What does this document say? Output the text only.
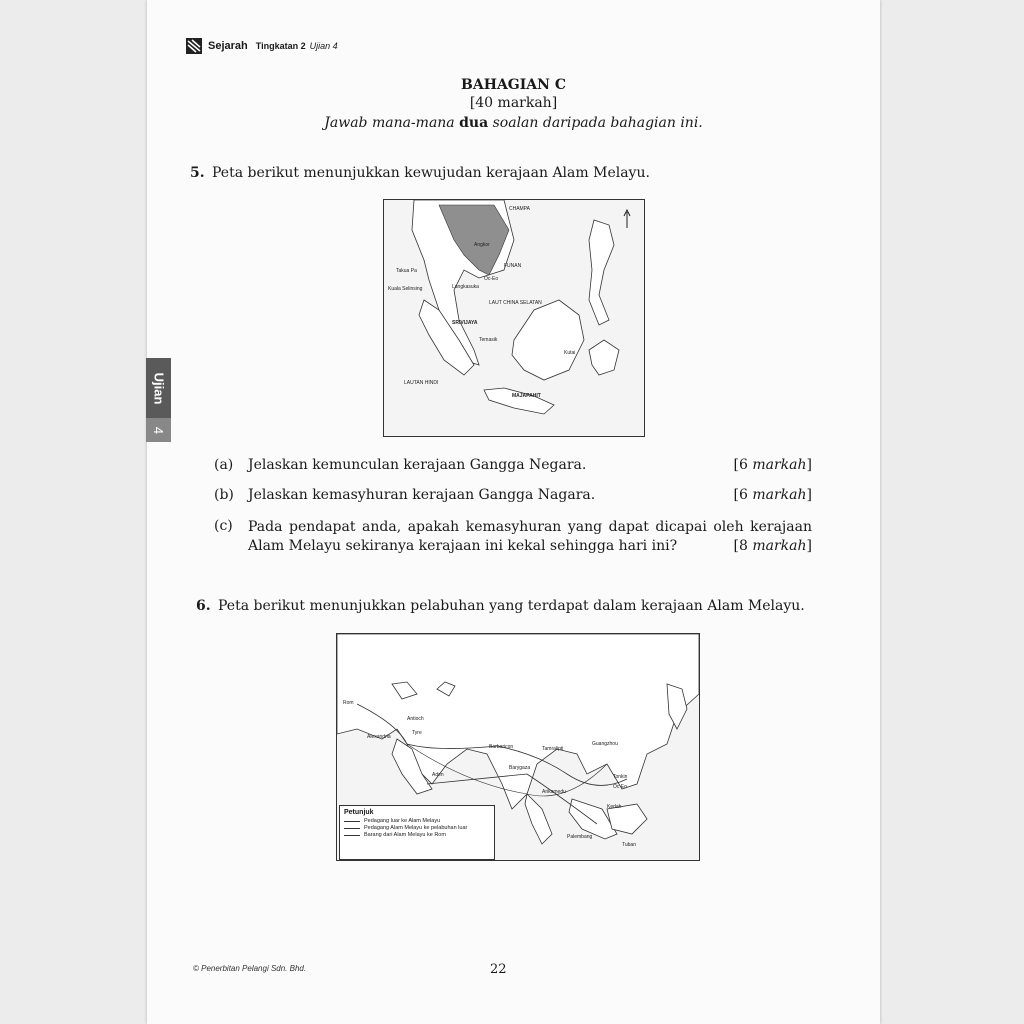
Sejarah Tingkatan 2 Ujian 4
Ujian
4
BAHAGIAN C
[40 markah]
Jawab mana-mana dua soalan daripada bahagian ini.
5. Peta berikut menunjukkan kewujudan kerajaan Alam Melayu.
CHAMPA
Angkor
FUNAN
Oc-Eo
Takua Pa
Kuala Selinsing	Langkasuka
LAUT CHINA SELATAN
SRIVIJAYA
Temasik
Kutai
LAUTAN HINDI
MAJAPAHIT
(a)	Jelaskan kemunculan kerajaan Gangga Negara.	[6 markah]
(b)	Jelaskan kemasyhuran kerajaan Gangga Nagara.	[6 markah]
(c)	Pada pendapat anda, apakah kemasyhuran yang dapat dicapai oleh kerajaan Alam Melayu sekiranya kerajaan ini kekal sehingga hari ini?	[8 markah]
6. Peta berikut menunjukkan pelabuhan yang terdapat dalam kerajaan Alam Melayu.
Rom
Antioch
Alexandria
Tyre
Barbaricon	Tamralipti
Guangzhou
Barygaza
Aden
Arikamedu
Tonkin
Oc Eo
Kedah
Palembang
Tuban
Petunjuk
Pedagang luar ke Alam Melayu
Pedagang Alam Melayu ke pelabuhan luar
Barang dari Alam Melayu ke Rom
© Penerbitan Pelangi Sdn. Bhd.	22
